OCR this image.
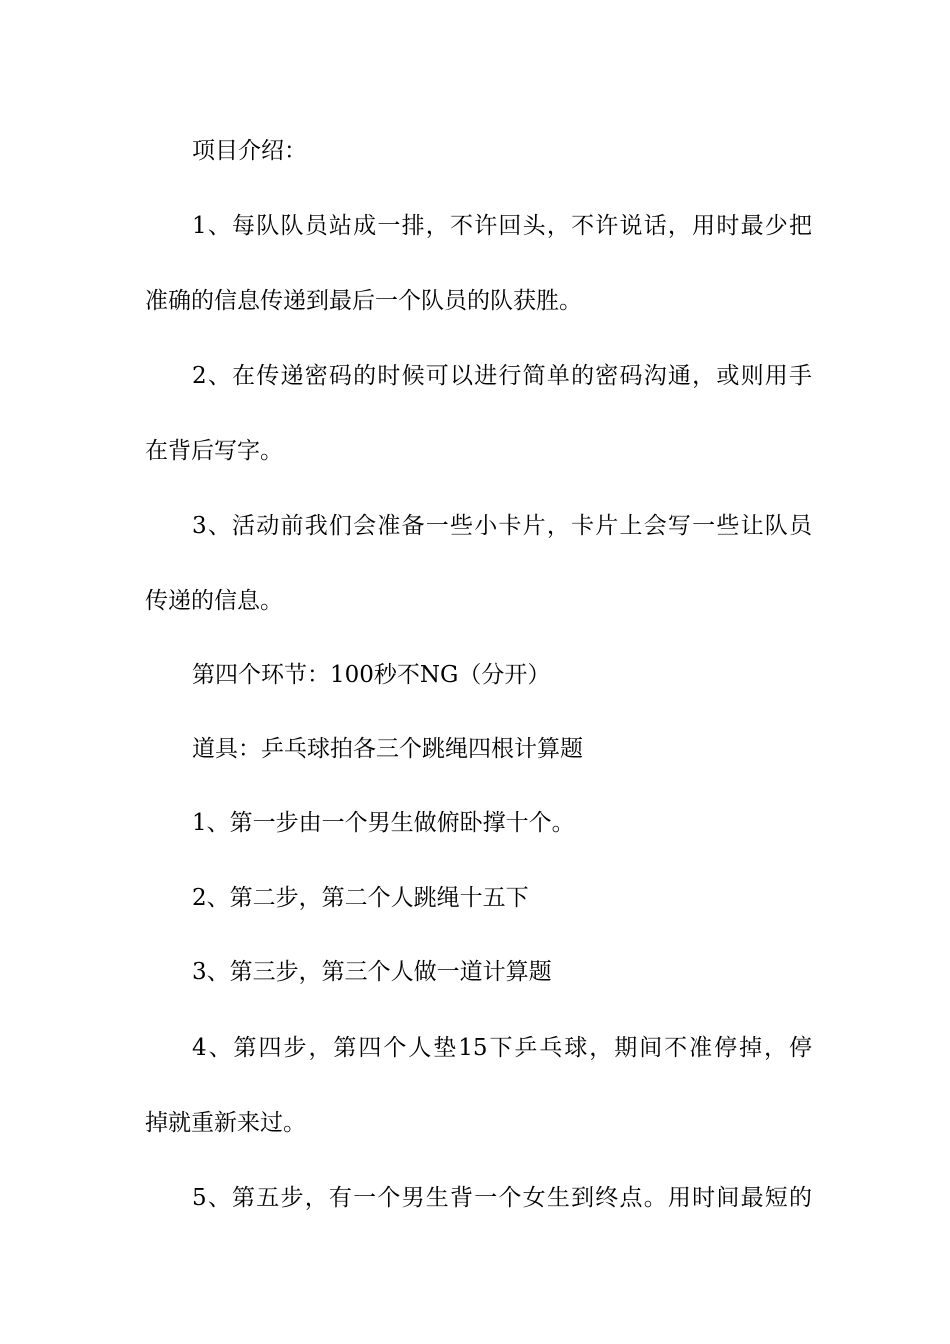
项目介绍：
1、每队队员站成一排，不许回头，不许说话，用时最少把
准确的信息传递到最后一个队员的队获胜。
2、在传递密码的时候可以进行简单的密码沟通，或则用手
在背后写字。
3、活动前我们会准备一些小卡片，卡片上会写一些让队员
传递的信息。
第四个环节：100秒不NG（分开）
道具：乒乓球拍各三个跳绳四根计算题
1、第一步由一个男生做俯卧撑十个。
2、第二步，第二个人跳绳十五下
3、第三步，第三个人做一道计算题
4、第四步，第四个人垫15下乒乓球，期间不准停掉，停
掉就重新来过。
5、第五步，有一个男生背一个女生到终点。用时间最短的
